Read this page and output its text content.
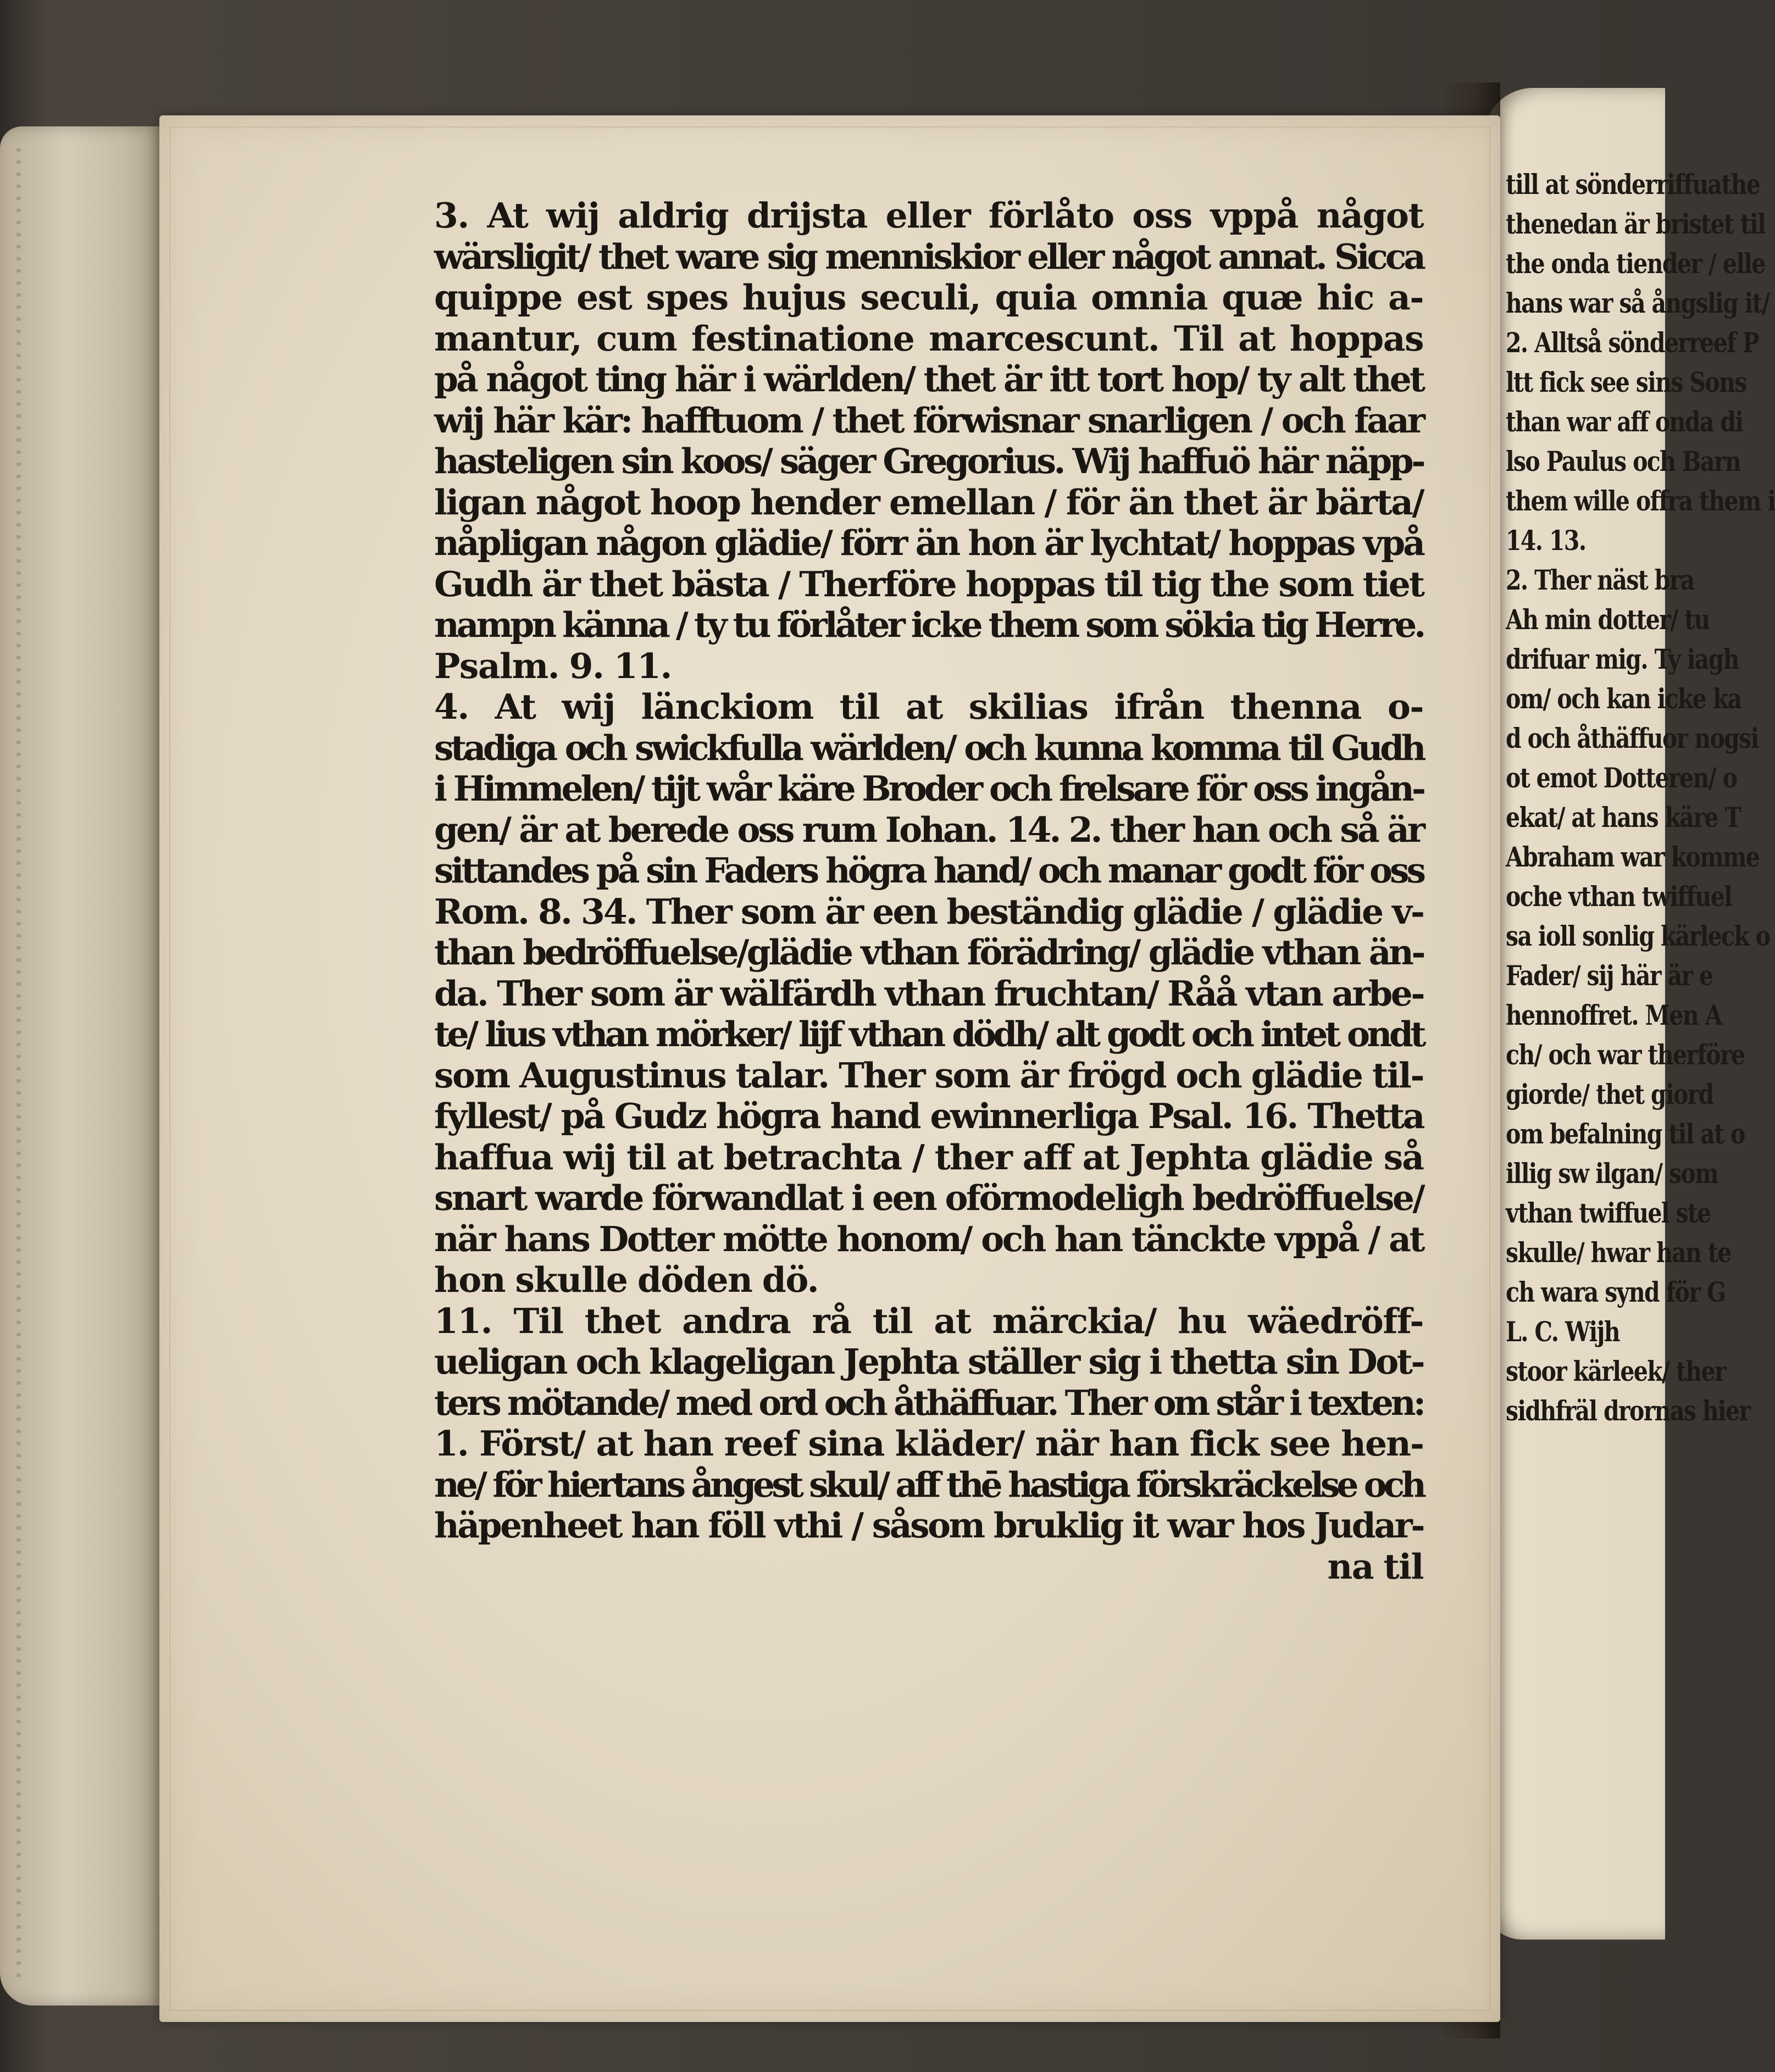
till at sönderriffuathe
thenedan är bristet til
the onda tiender / elle
hans war så ångslig it/
2. Alltså sönderreef P
ltt fick see sins Sons
than war aff onda di
lso Paulus och Barn
them wille offra them i
14. 13.
2. Ther näst bra
Ah min dotter/ tu
drifuar mig. Ty iagh
om/ och kan icke ka
d och åthäffuor nogsi
ot emot Dotteren/ o
ekat/ at hans käre T
Abraham war komme
oche vthan twiffuel
sa ioll sonlig kärleck o
Fader/ sij här är e
hennoffret. Men A
ch/ och war therföre
giorde/ thet giord
om befalning til at o
illig sw ilgan/ som
vthan twiffuel ste
skulle/ hwar han te
ch wara synd för G
L. C. Wijh
stoor kärleek/ ther
sidhfräl drornas hier
3. At wij aldrig drijsta eller förlåto oss vppå något
wärsligit/ thet ware sig menniskior eller något annat. Sicca
quippe est spes hujus seculi, quia omnia quæ hic a-
mantur, cum festinatione marcescunt. Til at hoppas
på något ting här i wärlden/ thet är itt tort hop/ ty alt thet
wij här kär: hafftuom / thet förwisnar snarligen / och faar
hasteligen sin koos/ säger Gregorius. Wij haffuö här näpp-
ligan något hoop hender emellan / för än thet är bärta/
nåpligan någon glädie/ förr än hon är lychtat/ hoppas vpå
Gudh är thet bästa / Therföre hoppas til tig the som tiet
nampn känna / ty tu förlåter icke them som sökia tig Herre.
Psalm. 9. 11.
4. At wij länckiom til at skilias ifrån thenna o-
stadiga och swickfulla wärlden/ och kunna komma til Gudh
i Himmelen/ tijt wår käre Broder och frelsare för oss ingån-
gen/ är at berede oss rum Iohan. 14. 2. ther han och så är
sittandes på sin Faders högra hand/ och manar godt för oss
Rom. 8. 34. Ther som är een beständig glädie / glädie v-
than bedröffuelse/glädie vthan förädring/ glädie vthan än-
da. Ther som är wälfärdh vthan fruchtan/ Råå vtan arbe-
te/ lius vthan mörker/ lijf vthan dödh/ alt godt och intet ondt
som Augustinus talar. Ther som är frögd och glädie til-
fyllest/ på Gudz högra hand ewinnerliga Psal. 16. Thetta
haffua wij til at betrachta / ther aff at Jephta glädie så
snart warde förwandlat i een oförmodeligh bedröffuelse/
när hans Dotter mötte honom/ och han tänckte vppå / at
hon skulle döden dö.
11. Til thet andra rå til at märckia/ hu wäedröff-
ueligan och klageligan Jephta ställer sig i thetta sin Dot-
ters mötande/ med ord och åthäffuar. Ther om står i texten:
1. Först/ at han reef sina kläder/ när han fick see hen-
ne/ för hiertans ångest skul/ aff thē hastiga förskräckelse och
häpenheet han föll vthi / såsom bruklig it war hos Judar-
na til
